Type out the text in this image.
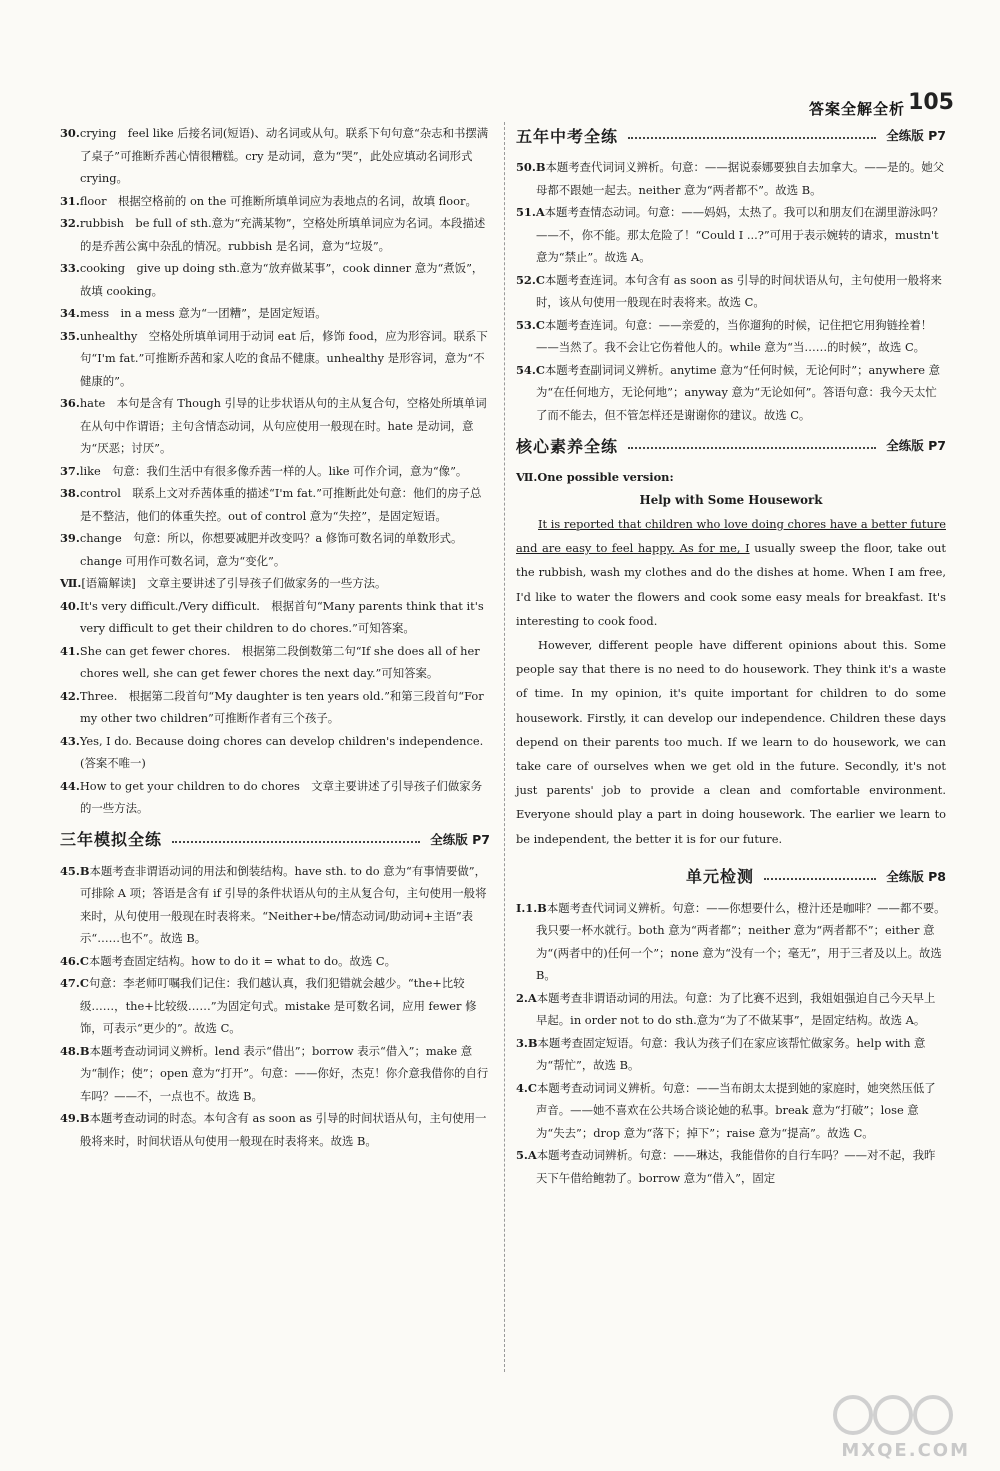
答案全解全析 105

30.crying　feel like 后接名词(短语)、动名词或从句。联系下句句意“杂志和书摆满了桌子”可推断乔茜心情很糟糕。cry 是动词，意为“哭”，此处应填动名词形式 crying。

31.floor　根据空格前的 on the 可推断所填单词应为表地点的名词，故填 floor。

32.rubbish　be full of sth.意为“充满某物”，空格处所填单词应为名词。本段描述的是乔茜公寓中杂乱的情况。rubbish 是名词，意为“垃圾”。

33.cooking　give up doing sth.意为“放弃做某事”，cook dinner 意为“煮饭”，故填 cooking。

34.mess　in a mess 意为“一团糟”，是固定短语。

35.unhealthy　空格处所填单词用于动词 eat 后，修饰 food，应为形容词。联系下句“I'm fat.”可推断乔茜和家人吃的食品不健康。unhealthy 是形容词，意为“不健康的”。

36.hate　本句是含有 Though 引导的让步状语从句的主从复合句，空格处所填单词在从句中作谓语；主句含情态动词，从句应使用一般现在时。hate 是动词，意为“厌恶；讨厌”。

37.like　句意：我们生活中有很多像乔茜一样的人。like 可作介词，意为“像”。

38.control　联系上文对乔茜体重的描述“I'm fat.”可推断此处句意：他们的房子总是不整洁，他们的体重失控。out of control 意为“失控”，是固定短语。

39.change　句意：所以，你想要减肥并改变吗？a 修饰可数名词的单数形式。change 可用作可数名词，意为“变化”。

Ⅶ.[语篇解读]　文章主要讲述了引导孩子们做家务的一些方法。

40.It's very difficult./Very difficult.　根据首句“Many parents think that it's very difficult to get their children to do chores.”可知答案。

41.She can get fewer chores.　根据第二段倒数第二句“If she does all of her chores well, she can get fewer chores the next day.”可知答案。

42.Three.　根据第二段首句“My daughter is ten years old.”和第三段首句“For my other two children”可推断作者有三个孩子。

43.Yes, I do. Because doing chores can develop children's independence.(答案不唯一)

44.How to get your children to do chores　文章主要讲述了引导孩子们做家务的一些方法。

三年模拟全练	全练版 P7

45.B本题考查非谓语动词的用法和倒装结构。have sth. to do 意为“有事情要做”，可排除 A 项；答语是含有 if 引导的条件状语从句的主从复合句，主句使用一般将来时，从句使用一般现在时表将来。“Neither+be/情态动词/助动词+主语”表示“……也不”。故选 B。

46.C本题考查固定结构。how to do it = what to do。故选 C。

47.C句意：李老师叮嘱我们记住：我们越认真，我们犯错就会越少。“the+比较级……，the+比较级……”为固定句式。mistake 是可数名词，应用 fewer 修饰，可表示“更少的”。故选 C。

48.B本题考查动词词义辨析。lend 表示“借出”；borrow 表示“借入”；make 意为“制作；使”；open 意为“打开”。句意：——你好，杰克！你介意我借你的自行车吗？——不，一点也不。故选 B。

49.B本题考查动词的时态。本句含有 as soon as 引导的时间状语从句，主句使用一般将来时，时间状语从句使用一般现在时表将来。故选 B。

五年中考全练	全练版 P7

50.B本题考查代词词义辨析。句意：——据说泰娜要独自去加拿大。——是的。她父母都不跟她一起去。neither 意为“两者都不”。故选 B。

51.A本题考查情态动词。句意：——妈妈，太热了。我可以和朋友们在湖里游泳吗？——不，你不能。那太危险了！“Could I ...?”可用于表示婉转的请求，mustn't 意为“禁止”。故选 A。

52.C本题考查连词。本句含有 as soon as 引导的时间状语从句，主句使用一般将来时，该从句使用一般现在时表将来。故选 C。

53.C本题考查连词。句意：——亲爱的，当你遛狗的时候，记住把它用狗链拴着！——当然了。我不会让它伤着他人的。while 意为“当……的时候”，故选 C。

54.C本题考查副词词义辨析。anytime 意为“任何时候，无论何时”；anywhere 意为“在任何地方，无论何地”；anyway 意为“无论如何”。答语句意：我今天太忙了而不能去，但不管怎样还是谢谢你的建议。故选 C。

核心素养全练	全练版 P7
Ⅶ.One possible version:
Help with Some Housework

It is reported that children who love doing chores have a better future and are easy to feel happy. As for me, I usually sweep the floor, take out the rubbish, wash my clothes and do the dishes at home. When I am free, I'd like to water the flowers and cook some easy meals for breakfast. It's interesting to cook food.

However, different people have different opinions about this. Some people say that there is no need to do housework. They think it's a waste of time. In my opinion, it's quite important for children to do some housework. Firstly, it can develop our independence. Children these days depend on their parents too much. If we learn to do housework, we can take care of ourselves when we get old in the future. Secondly, it's not just parents' job to provide a clean and comfortable environment. Everyone should play a part in doing housework. The earlier we learn to be independent, the better it is for our future.

单元检测	全练版 P8

Ⅰ.1.B本题考查代词词义辨析。句意：——你想要什么，橙汁还是咖啡？——都不要。我只要一杯水就行。both 意为“两者都”；neither 意为“两者都不”；either 意为“(两者中的)任何一个”；none 意为“没有一个；毫无”，用于三者及以上。故选 B。

2.A本题考查非谓语动词的用法。句意：为了比赛不迟到，我姐姐强迫自己今天早上早起。in order not to do sth.意为“为了不做某事”，是固定结构。故选 A。

3.B本题考查固定短语。句意：我认为孩子们在家应该帮忙做家务。help with 意为“帮忙”，故选 B。

4.C本题考查动词词义辨析。句意：——当布朗太太提到她的家庭时，她突然压低了声音。——她不喜欢在公共场合谈论她的私事。break 意为“打破”；lose 意为“失去”；drop 意为“落下；掉下”；raise 意为“提高”。故选 C。

5.A本题考查动词辨析。句意：——琳达，我能借你的自行车吗？——对不起，我昨天下午借给鲍勃了。borrow 意为“借入”，固定

MXQE.COM
